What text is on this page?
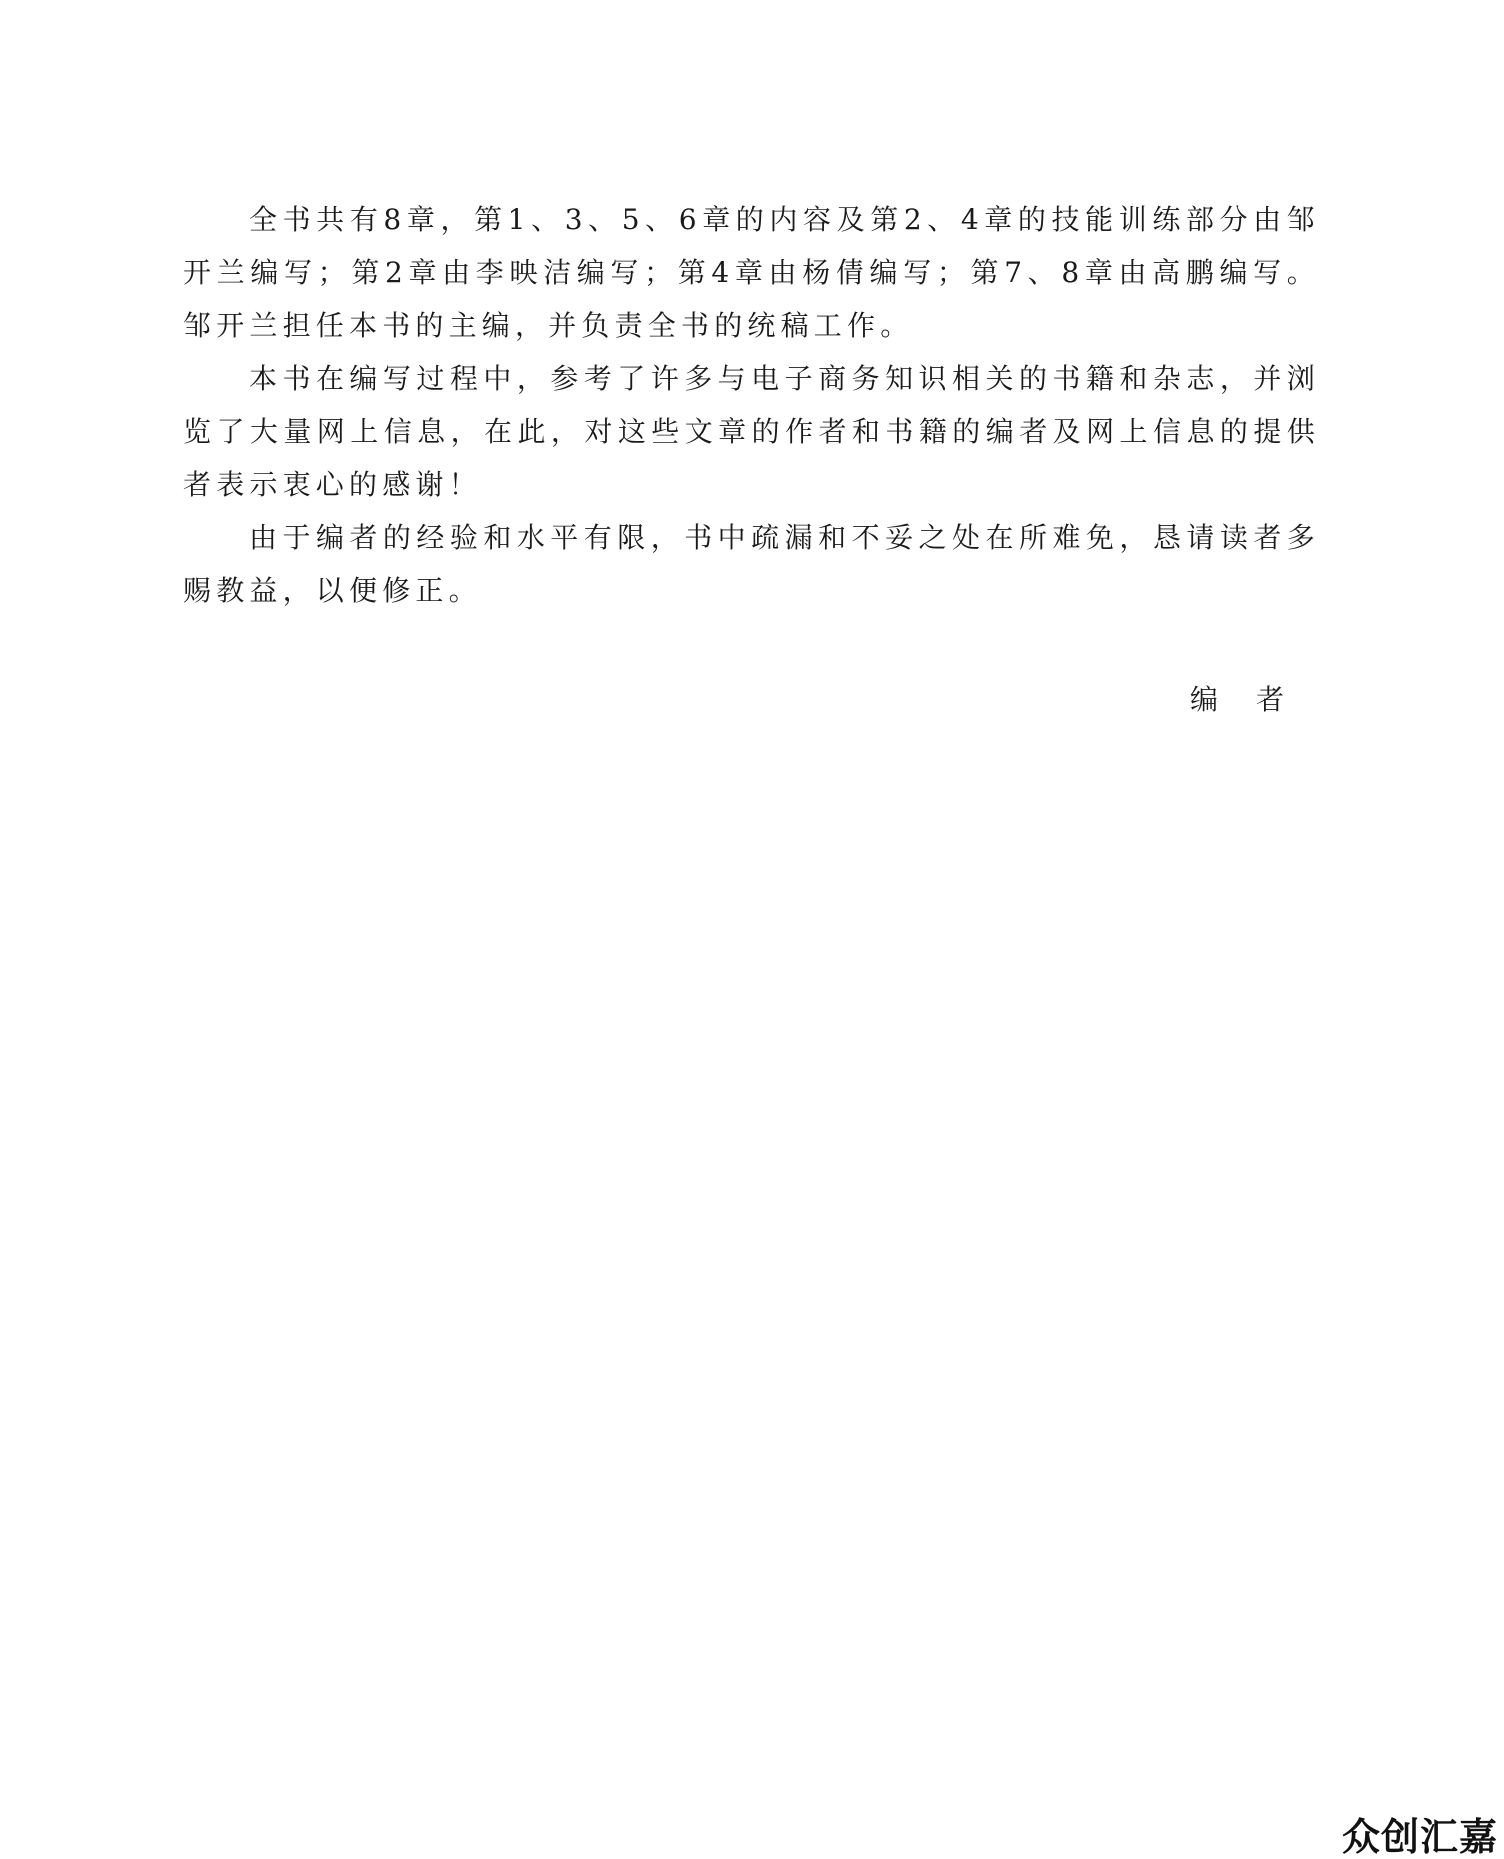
全书共有8章，第1、3、5、6章的内容及第2、4章的技能训练部分由邹开兰编写；第2章由李映洁编写；第4章由杨倩编写；第7、8章由高鹏编写。邹开兰担任本书的主编，并负责全书的统稿工作。

本书在编写过程中，参考了许多与电子商务知识相关的书籍和杂志，并浏览了大量网上信息，在此，对这些文章的作者和书籍的编者及网上信息的提供者表示衷心的感谢！

由于编者的经验和水平有限，书中疏漏和不妥之处在所难免，恳请读者多赐教益，以便修正。

编　者
众创汇嘉
